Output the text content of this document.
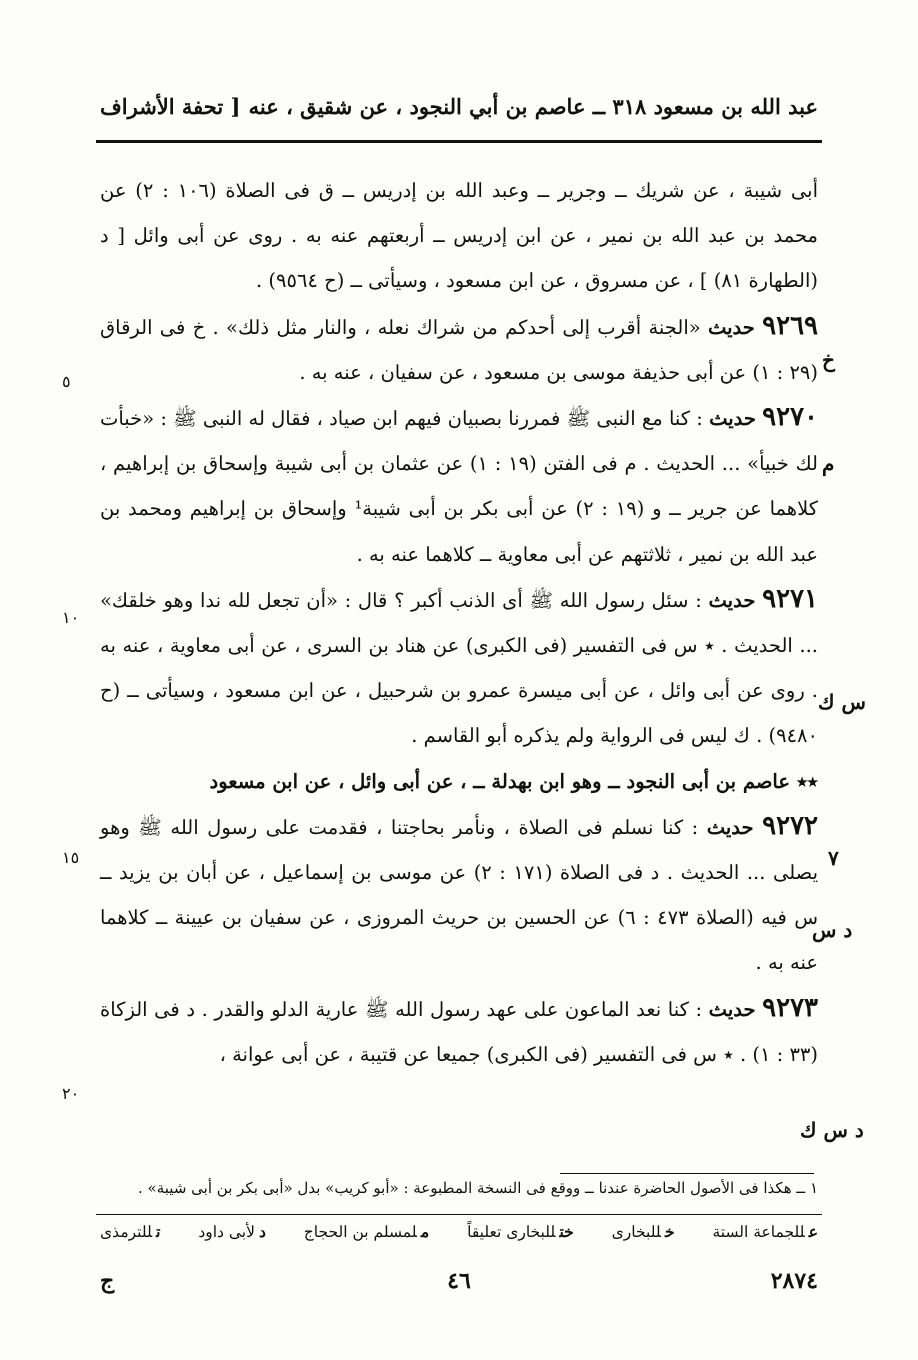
عبد الله بن مسعود ٣١٨ ــ عاصم بن أبي النجود ، عن شقيق ، عنه
[ تحفة الأشراف

أبى شيبة ، عن شريك ــ وجرير ــ وعبد الله بن إدريس ــ ق فى الصلاة (١٠٦ : ٢) عن محمد بن عبد الله بن نمير ، عن ابن إدريس ــ أربعتهم عنه به . روى عن أبى وائل [ د (الطهارة ٨١) ] ، عن مسروق ، عن ابن مسعود ، وسيأتى ــ (ح ٩٥٦٤) .

٩٢٦٩ حديث «الجنة أقرب إلى أحدكم من شراك نعله ، والنار مثل ذلك» . خ فى الرقاق (٢٩ : ١) عن أبى حذيفة موسى بن مسعود ، عن سفيان ، عنه به .

٩٢٧٠ حديث : كنا مع النبى ﷺ فمررنا بصبيان فيهم ابن صياد ، فقال له النبى ﷺ : «خبأت لك خبيأ» ... الحديث . م فى الفتن (١٩ : ١) عن عثمان بن أبى شيبة وإسحاق بن إبراهيم ، كلاهما عن جرير ــ و (١٩ : ٢) عن أبى بكر بن أبى شيبة¹ وإسحاق بن إبراهيم ومحمد بن عبد الله بن نمير ، ثلاثتهم عن أبى معاوية ــ كلاهما عنه به .

٩٢٧١ حديث : سئل رسول الله ﷺ أى الذنب أكبر ؟ قال : «أن تجعل لله ندا وهو خلقك» ... الحديث . ٭ س فى التفسير (فى الكبرى) عن هناد بن السرى ، عن أبى معاوية ، عنه به . روى عن أبى وائل ، عن أبى ميسرة عمرو بن شرحبيل ، عن ابن مسعود ، وسيأتى ــ (ح ٩٤٨٠) . ك ليس فى الرواية ولم يذكره أبو القاسم .

٭٭ عاصم بن أبى النجود ــ وهو ابن بهدلة ــ ، عن أبى وائل ، عن ابن مسعود

٩٢٧٢ حديث : كنا نسلم فى الصلاة ، ونأمر بحاجتنا ، فقدمت على رسول الله ﷺ وهو يصلى ... الحديث . د فى الصلاة (١٧١ : ٢) عن موسى بن إسماعيل ، عن أبان بن يزيد ــ س فيه (الصلاة ٤٧٣ : ٦) عن الحسين بن حريث المروزى ، عن سفيان بن عيينة ــ كلاهما عنه به .

٩٢٧٣ حديث : كنا نعد الماعون على عهد رسول الله ﷺ عارية الدلو والقدر . د فى الزكاة (٣٣ : ١) . ٭ س فى التفسير (فى الكبرى) جميعا عن قتيبة ، عن أبى عوانة ،

خ
م
س ك
٧
د س
د س ك
٥
١٠
١٥
٢٠
١ ــ هكذا فى الأصول الحاضرة عندنا ــ ووقع فى النسخة المطبوعة : «أبو كريب» بدل «أبى بكر بن أبى شيبة» .
عللجماعة الستة
خللبخارى
ختللبخارى تعليقاً
ملمسلم بن الحجاج
دلأبى داود
تللترمذى
ج	٤٦	٢٨٧٤
